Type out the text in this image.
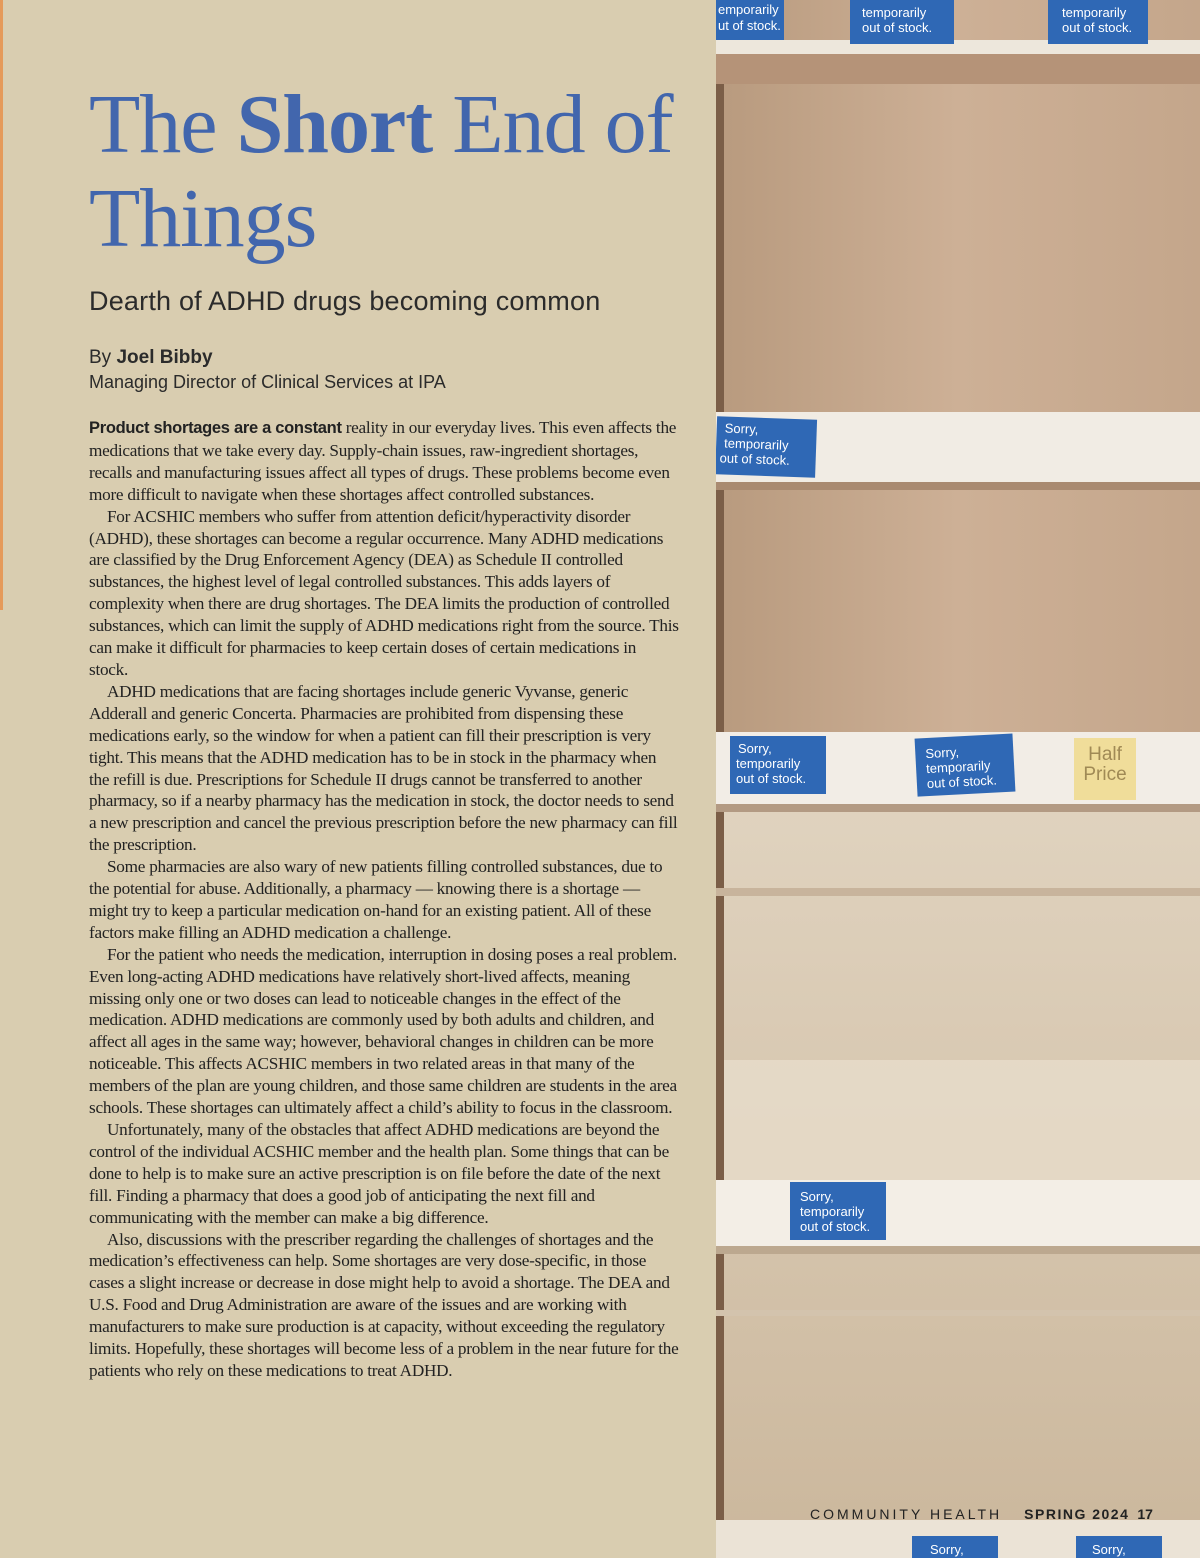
The Short End of Things
Dearth of ADHD drugs becoming common
By Joel Bibby
Managing Director of Clinical Services at IPA

Product shortages are a constant reality in our everyday lives. This even affects the medications that we take every day. Supply-chain issues, raw-ingredient shortages, recalls and manufacturing issues affect all types of drugs. These problems become even more difficult to navigate when these shortages affect controlled substances.

For ACSHIC members who suffer from attention deficit/hyperactivity disorder (ADHD), these shortages can become a regular occurrence. Many ADHD medications are classified by the Drug Enforcement Agency (DEA) as Schedule II controlled substances, the highest level of legal controlled substances. This adds layers of complexity when there are drug shortages. The DEA limits the production of controlled substances, which can limit the supply of ADHD medications right from the source. This can make it difficult for pharmacies to keep certain doses of certain medications in stock.

ADHD medications that are facing shortages include generic Vyvanse, generic Adderall and generic Concerta. Pharmacies are prohibited from dispensing these medications early, so the window for when a patient can fill their prescription is very tight. This means that the ADHD medication has to be in stock in the pharmacy when the refill is due. Prescriptions for Schedule II drugs cannot be transferred to another pharmacy, so if a nearby pharmacy has the medication in stock, the doctor needs to send a new prescription and cancel the previous prescription before the new pharmacy can fill the prescription.

Some pharmacies are also wary of new patients filling controlled substances, due to the potential for abuse. Additionally, a pharmacy — knowing there is a shortage — might try to keep a particular medication on-hand for an existing patient. All of these factors make filling an ADHD medication a challenge.

For the patient who needs the medication, interruption in dosing poses a real problem. Even long-acting ADHD medications have relatively short-lived affects, meaning missing only one or two doses can lead to noticeable changes in the effect of the medication. ADHD medications are commonly used by both adults and children, and affect all ages in the same way; however, behavioral changes in children can be more noticeable. This affects ACSHIC members in two related areas in that many of the members of the plan are young children, and those same children are students in the area schools. These shortages can ultimately affect a child’s ability to focus in the classroom.

Unfortunately, many of the obstacles that affect ADHD medications are beyond the control of the individual ACSHIC member and the health plan. Some things that can be done to help is to make sure an active prescription is on file before the date of the next fill. Finding a pharmacy that does a good job of anticipating the next fill and communicating with the member can make a big difference.

Also, discussions with the prescriber regarding the challenges of shortages and the medication’s effectiveness can help. Some shortages are very dose-specific, in those cases a slight increase or decrease in dose might help to avoid a shortage. The DEA and U.S. Food and Drug Administration are aware of the issues and are working with manufacturers to make sure production is at capacity, without exceeding the regulatory limits. Hopefully, these shortages will become less of a problem in the near future for the patients who rely on these medications to treat ADHD.

emporarily
ut of stock.
temporarily
out of stock.
temporarily
out of stock.
Sorry,
temporarily
out of stock.
Sorry,
temporarily
out of stock.
Sorry,
temporarily
out of stock.
Half
Price
Sorry,
temporarily
out of stock.
Sorry,	Sorry,
COMMUNITY HEALTH SPRING 2024 17
